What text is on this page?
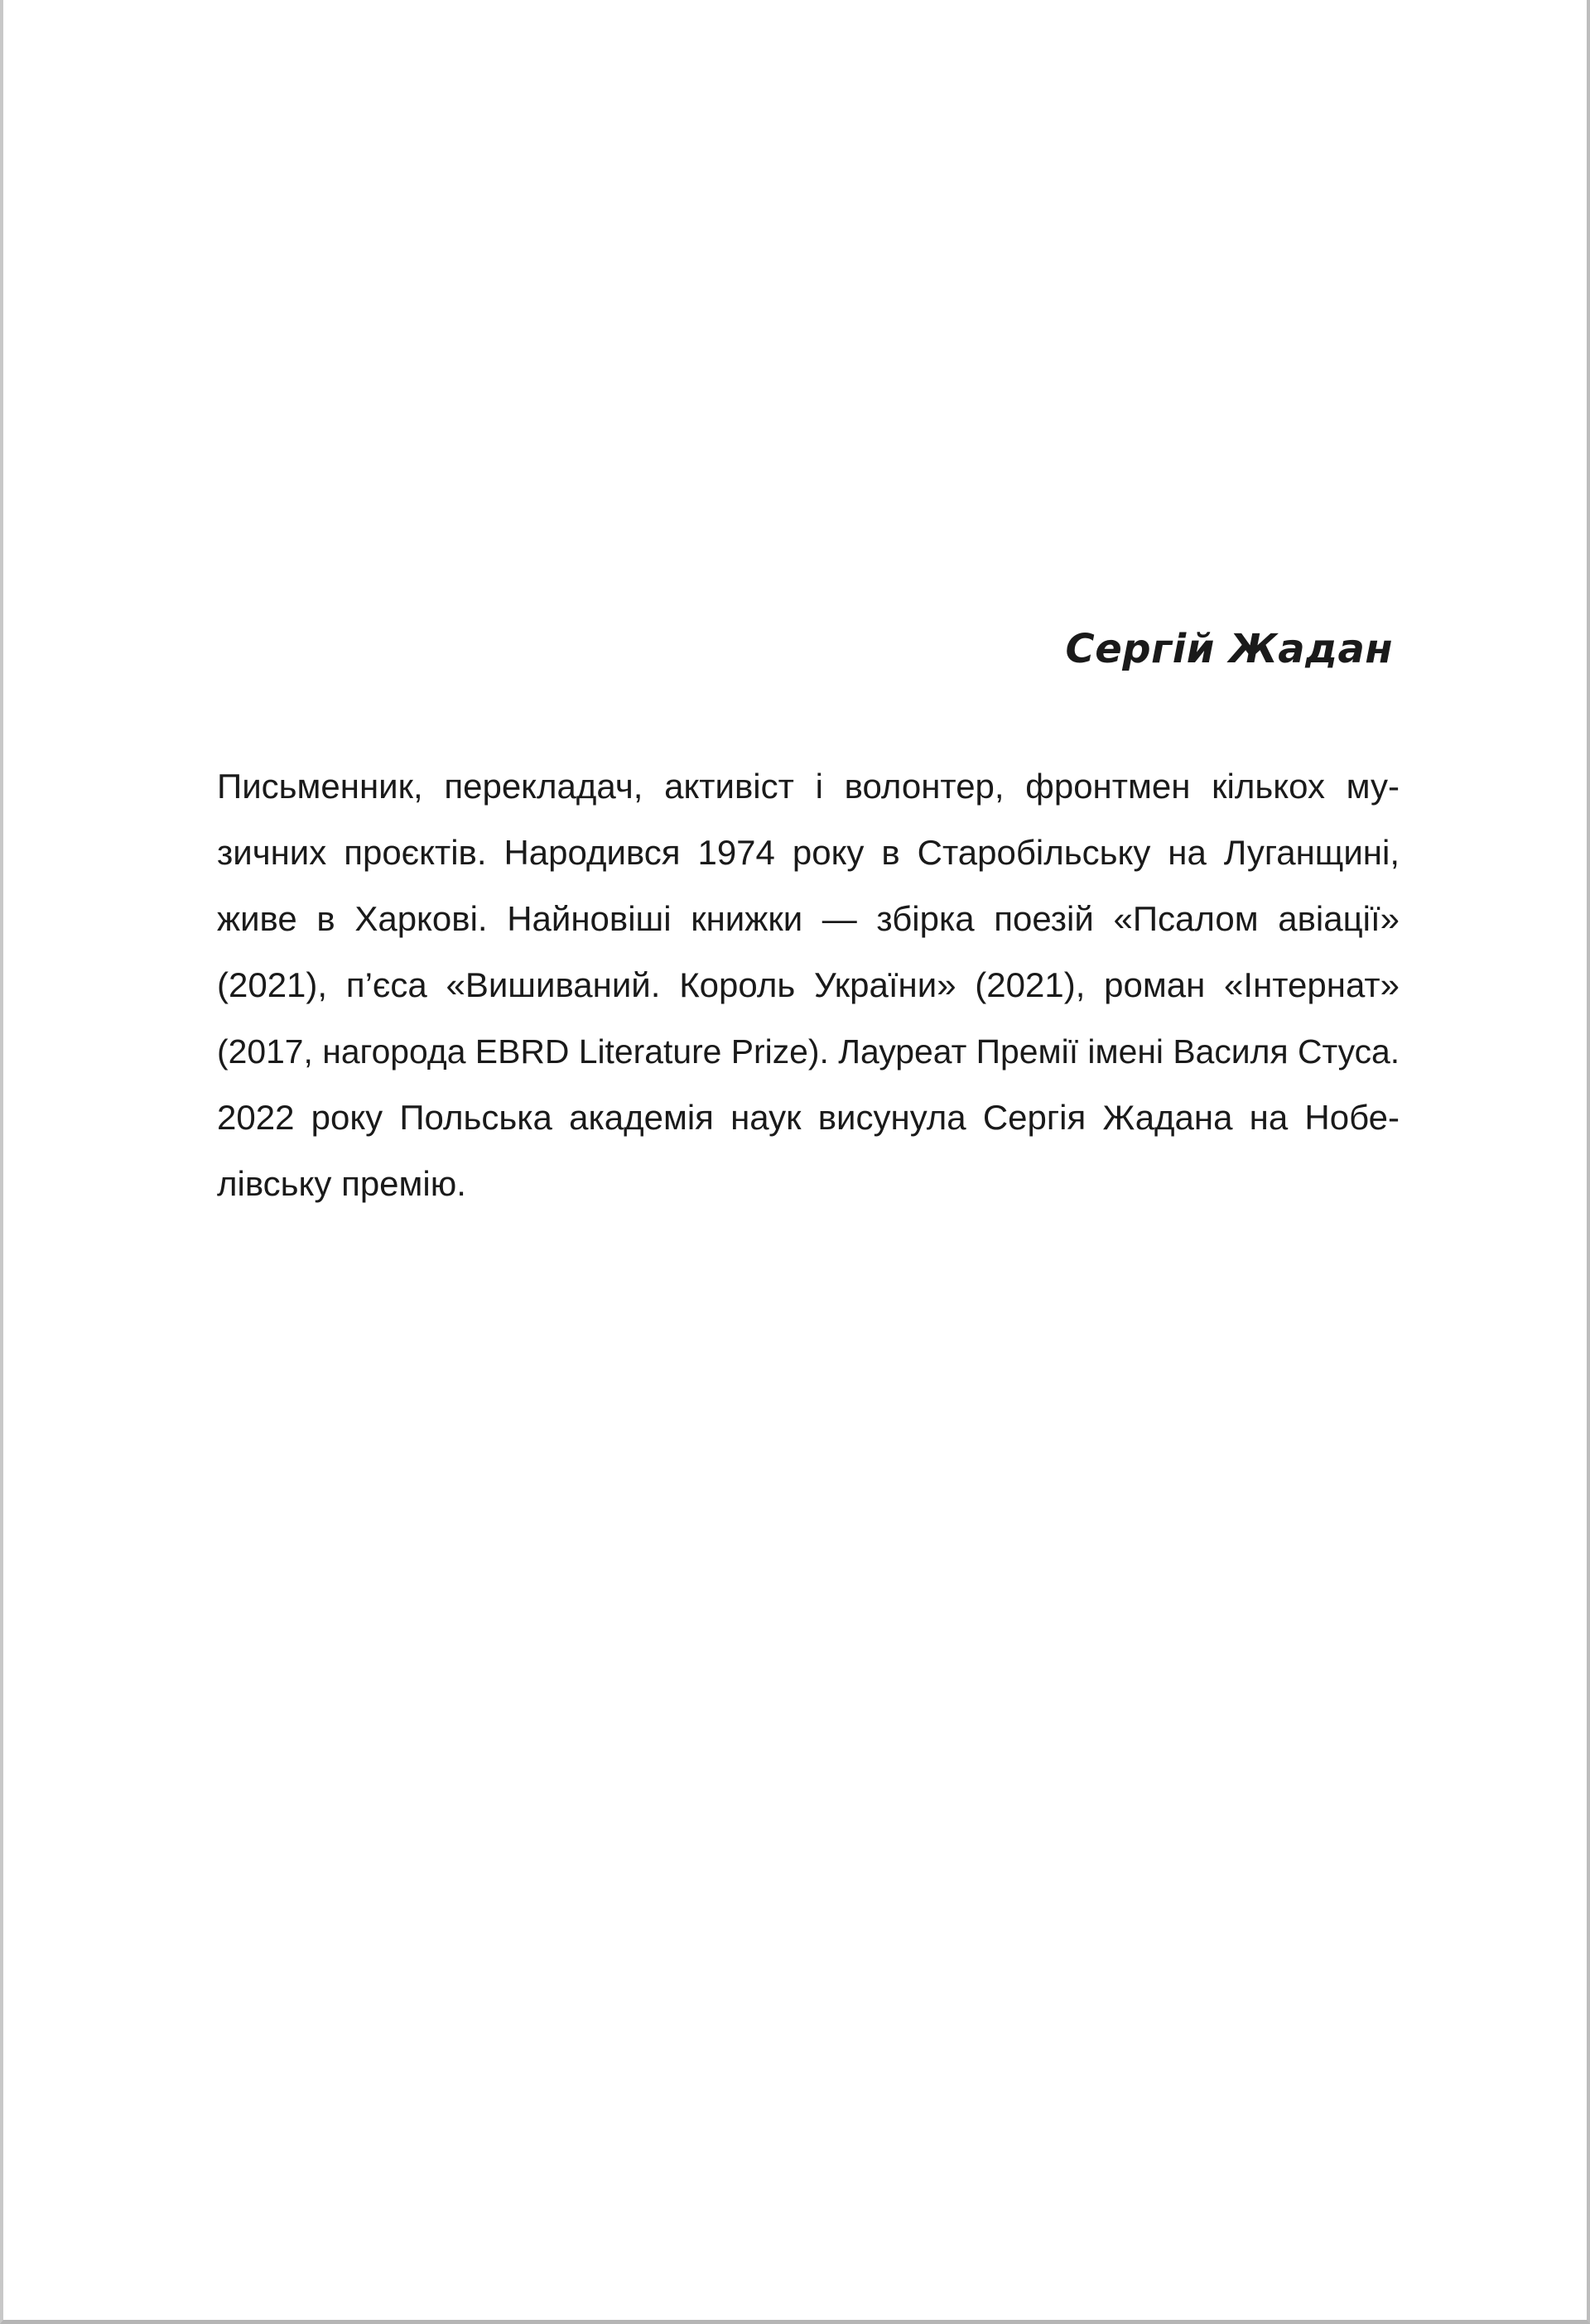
Сергій Жадан

Письменник, перекладач, активіст і волонтер, фронтмен кількох му-
зичних проєктів. Народився 1974 року в Старобільську на Луганщині,
живе в Харкові. Найновіші книжки — збірка поезій «Псалом авіації»
(2021), п’єса «Вишиваний. Король України» (2021), роман «Інтернат»
(2017, нагорода EBRD Literature Prize). Лауреат Премії імені Василя Стуса.
2022 року Польська академія наук висунула Сергія Жадана на Нобе-
лівську премію.
